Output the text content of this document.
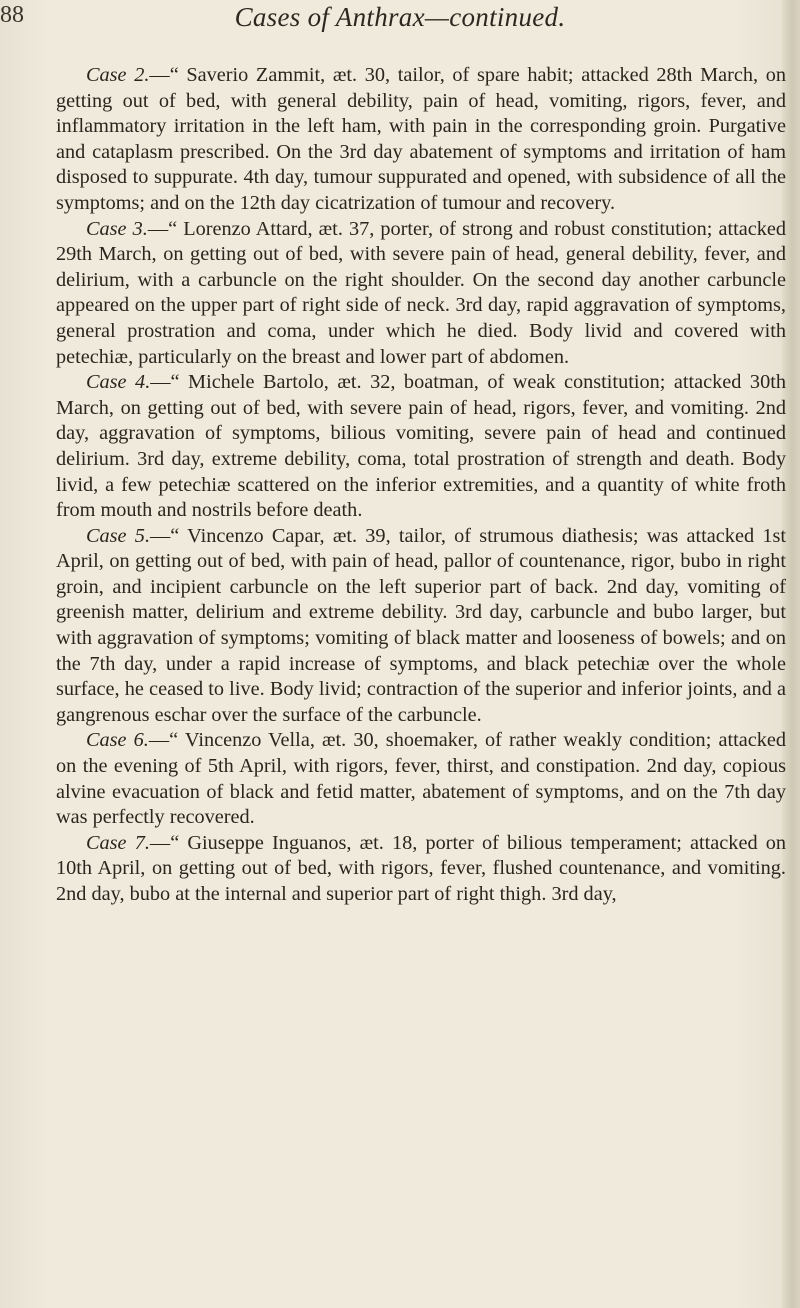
88	Cases of Anthrax—continued.

Case 2.—“ Saverio Zammit, æt. 30, tailor, of spare habit; attacked 28th March, on getting out of bed, with general debility, pain of head, vomiting, rigors, fever, and inflammatory irritation in the left ham, with pain in the corresponding groin. Purgative and cataplasm prescribed. On the 3rd day abatement of symptoms and irritation of ham disposed to suppurate. 4th day, tumour suppurated and opened, with subsidence of all the symptoms; and on the 12th day cicatrization of tumour and recovery.

Case 3.—“ Lorenzo Attard, æt. 37, porter, of strong and robust constitution; attacked 29th March, on getting out of bed, with severe pain of head, general debility, fever, and delirium, with a carbuncle on the right shoulder. On the second day another carbuncle appeared on the upper part of right side of neck. 3rd day, rapid aggravation of symptoms, general prostration and coma, under which he died. Body livid and covered with petechiæ, particularly on the breast and lower part of abdomen.

Case 4.—“ Michele Bartolo, æt. 32, boatman, of weak constitution; attacked 30th March, on getting out of bed, with severe pain of head, rigors, fever, and vomiting. 2nd day, aggravation of symptoms, bilious vomiting, severe pain of head and continued delirium. 3rd day, extreme debility, coma, total prostration of strength and death. Body livid, a few petechiæ scattered on the inferior extremities, and a quantity of white froth from mouth and nostrils before death.

Case 5.—“ Vincenzo Capar, æt. 39, tailor, of strumous diathesis; was attacked 1st April, on getting out of bed, with pain of head, pallor of countenance, rigor, bubo in right groin, and incipient carbuncle on the left superior part of back. 2nd day, vomiting of greenish matter, delirium and extreme debility. 3rd day, carbuncle and bubo larger, but with aggravation of symptoms; vomiting of black matter and looseness of bowels; and on the 7th day, under a rapid increase of symptoms, and black petechiæ over the whole surface, he ceased to live. Body livid; contraction of the superior and inferior joints, and a gangrenous eschar over the surface of the carbuncle.

Case 6.—“ Vincenzo Vella, æt. 30, shoemaker, of rather weakly condition; attacked on the evening of 5th April, with rigors, fever, thirst, and constipation. 2nd day, copious alvine evacuation of black and fetid matter, abatement of symptoms, and on the 7th day was perfectly recovered.

Case 7.—“ Giuseppe Inguanos, æt. 18, porter of bilious temperament; attacked on 10th April, on getting out of bed, with rigors, fever, flushed countenance, and vomiting. 2nd day, bubo at the internal and superior part of right thigh. 3rd day,
